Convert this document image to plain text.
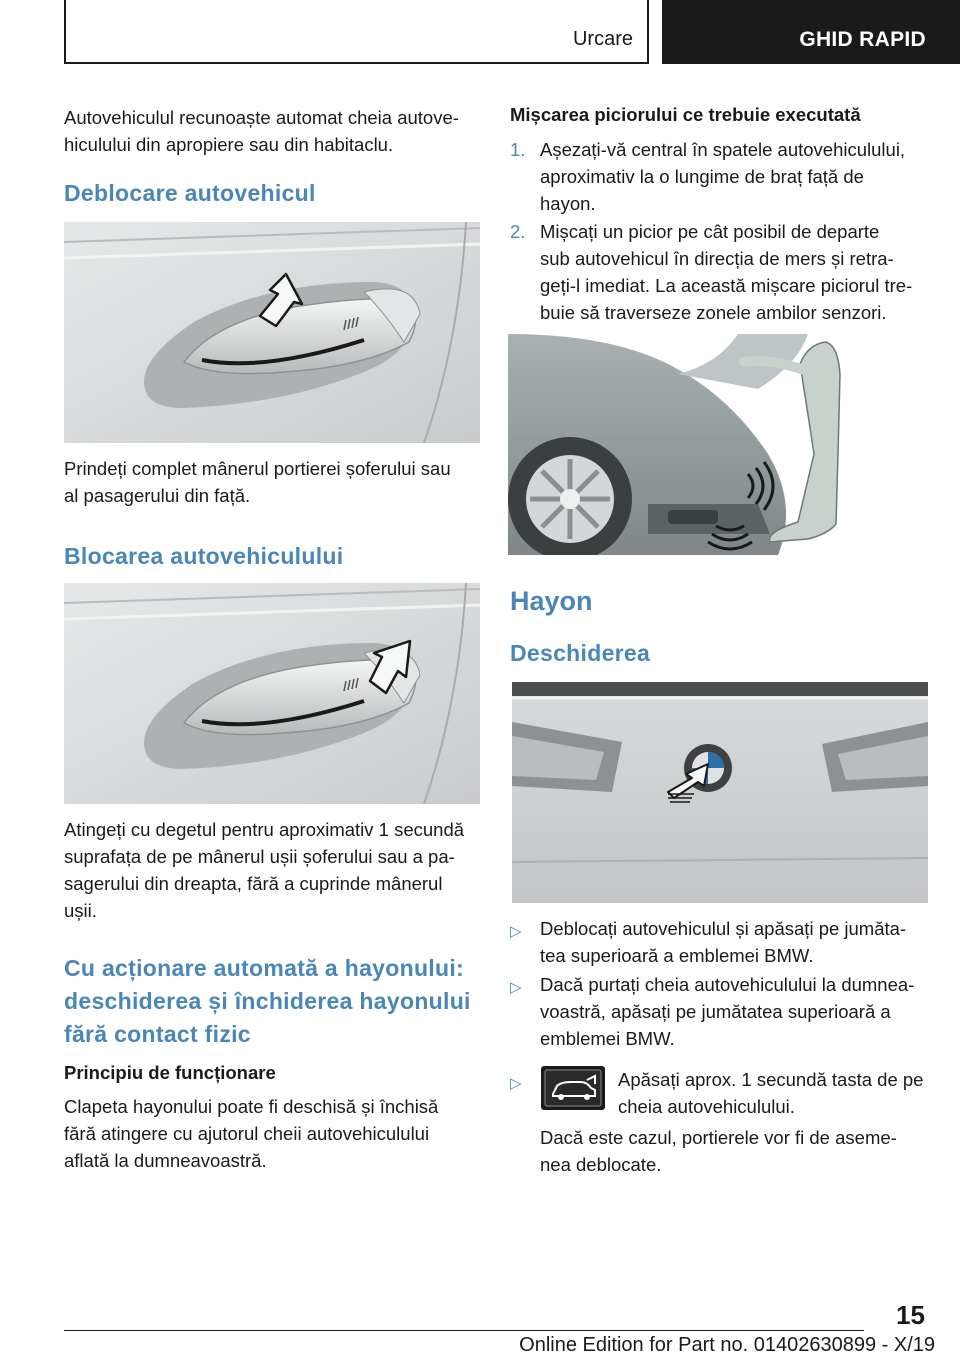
Urcare	GHID RAPID
Autovehiculul recunoaște automat cheia autove-
hiculului din apropiere sau din habitaclu.
Deblocare autovehicul
Prindeți complet mânerul portierei șoferului sau
al pasagerului din față.
Blocarea autovehiculului
Atingeți cu degetul pentru aproximativ 1 secundă
suprafața de pe mânerul ușii șoferului sau a pa-
sagerului din dreapta, fără a cuprinde mânerul
ușii.
Cu acționare automată a hayonului:
deschiderea și închiderea hayonului
fără contact fizic
Principiu de funcționare
Clapeta hayonului poate fi deschisă și închisă
fără atingere cu ajutorul cheii autovehiculului
aflată la dumneavoastră.
Mișcarea piciorului ce trebuie executată
1. Așezați-vă central în spatele autovehiculului,
aproximativ la o lungime de braț față de
hayon.
2. Mișcați un picior pe cât posibil de departe
sub autovehicul în direcția de mers și retra-
geți-l imediat. La această mișcare piciorul tre-
buie să traverseze zonele ambilor senzori.
Hayon
Deschiderea
▷ Deblocați autovehiculul și apăsați pe jumăta-
tea superioară a emblemei BMW.
▷ Dacă purtați cheia autovehiculului la dumnea-
voastră, apăsați pe jumătatea superioară a
emblemei BMW.
▷	Apăsați aprox. 1 secundă tasta de pe
cheia autovehiculului.
Dacă este cazul, portierele vor fi de aseme-
nea deblocate.
15
Online Edition for Part no. 01402630899 - X/19
